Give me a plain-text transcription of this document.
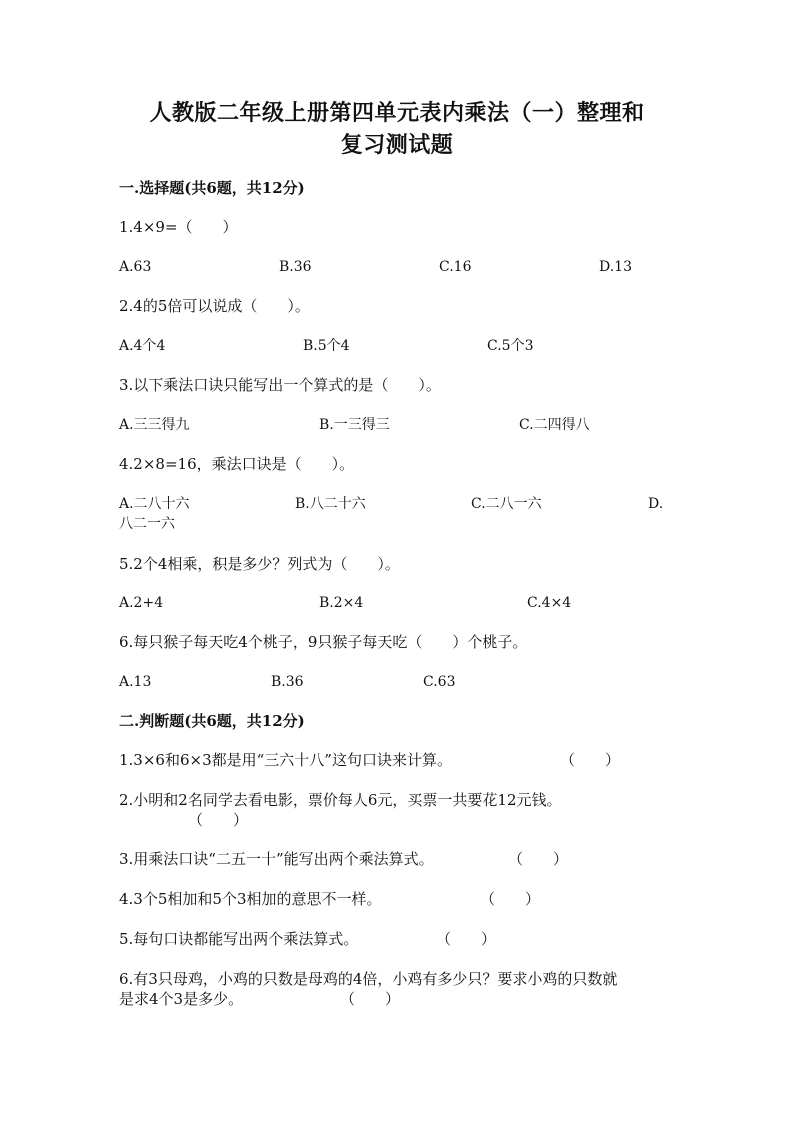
人教版二年级上册第四单元表内乘法（一）整理和
复习测试题
一.选择题(共6题，共12分)
1.4×9=（　　）
A.63	B.36	C.16	D.13
2.4的5倍可以说成（　　）。
A.4个4	B.5个4	C.5个3
3.以下乘法口诀只能写出一个算式的是（　　）。
A.三三得九	B.一三得三	C.二四得八
4.2×8=16，乘法口诀是（　　）。
A.二八十六	B.八二十六	C.二八一六	D.
八二一六
5.2个4相乘，积是多少？列式为（　　）。
A.2+4	B.2×4	C.4×4
6.每只猴子每天吃4个桃子，9只猴子每天吃（　　）个桃子。
A.13	B.36	C.63
二.判断题(共6题，共12分)
1.3×6和6×3都是用“三六十八”这句口诀来计算。	（　　）
2.小明和2名同学去看电影，票价每人6元，买票一共要花12元钱。
（　　）
3.用乘法口诀“二五一十”能写出两个乘法算式。	（　　）
4.3个5相加和5个3相加的意思不一样。	（　　）
5.每句口诀都能写出两个乘法算式。	（　　）
6.有3只母鸡，小鸡的只数是母鸡的4倍，小鸡有多少只？要求小鸡的只数就
是求4个3是多少。	（　　）
